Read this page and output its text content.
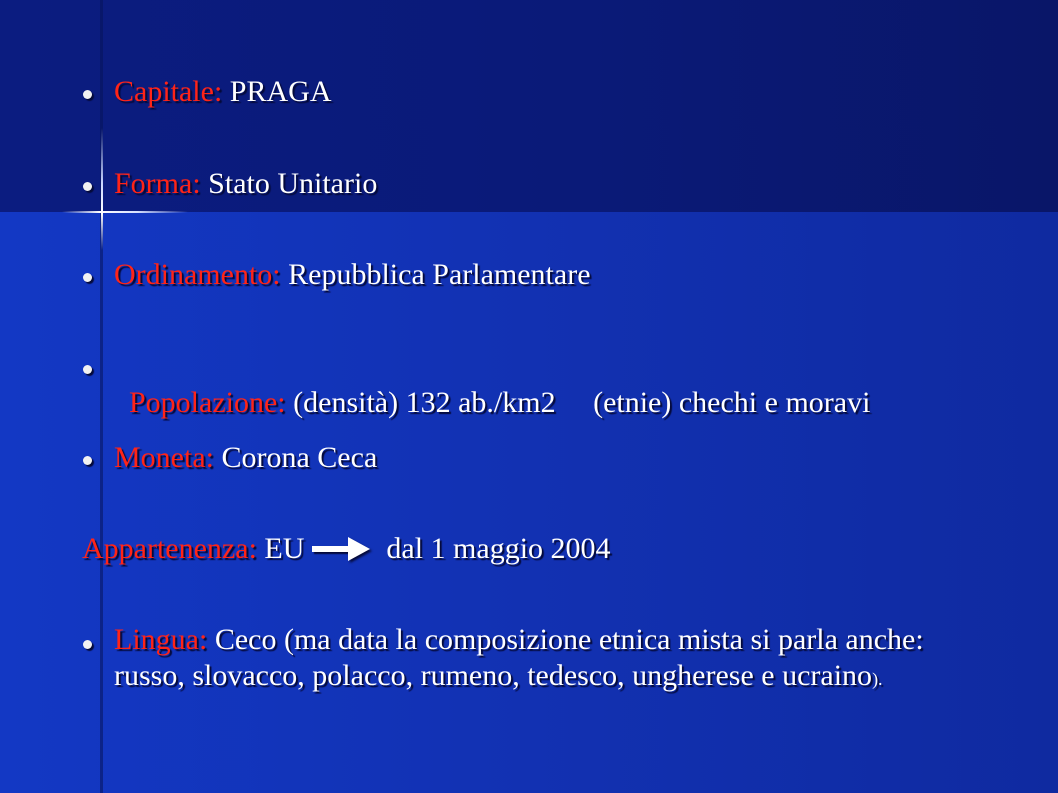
Capitale: PRAGA
Forma: Stato Unitario
Ordinamento: Repubblica Parlamentare

Popolazione: (densità) 132 ab./km2     (etnie) chechi e moravi

Moneta: Corona Ceca
Appartenenza: EU	dal 1 maggio 2004
Lingua: Ceco (ma data la composizione etnica mista si parla anche: russo, slovacco, polacco, rumeno, tedesco, ungherese e ucraino).
